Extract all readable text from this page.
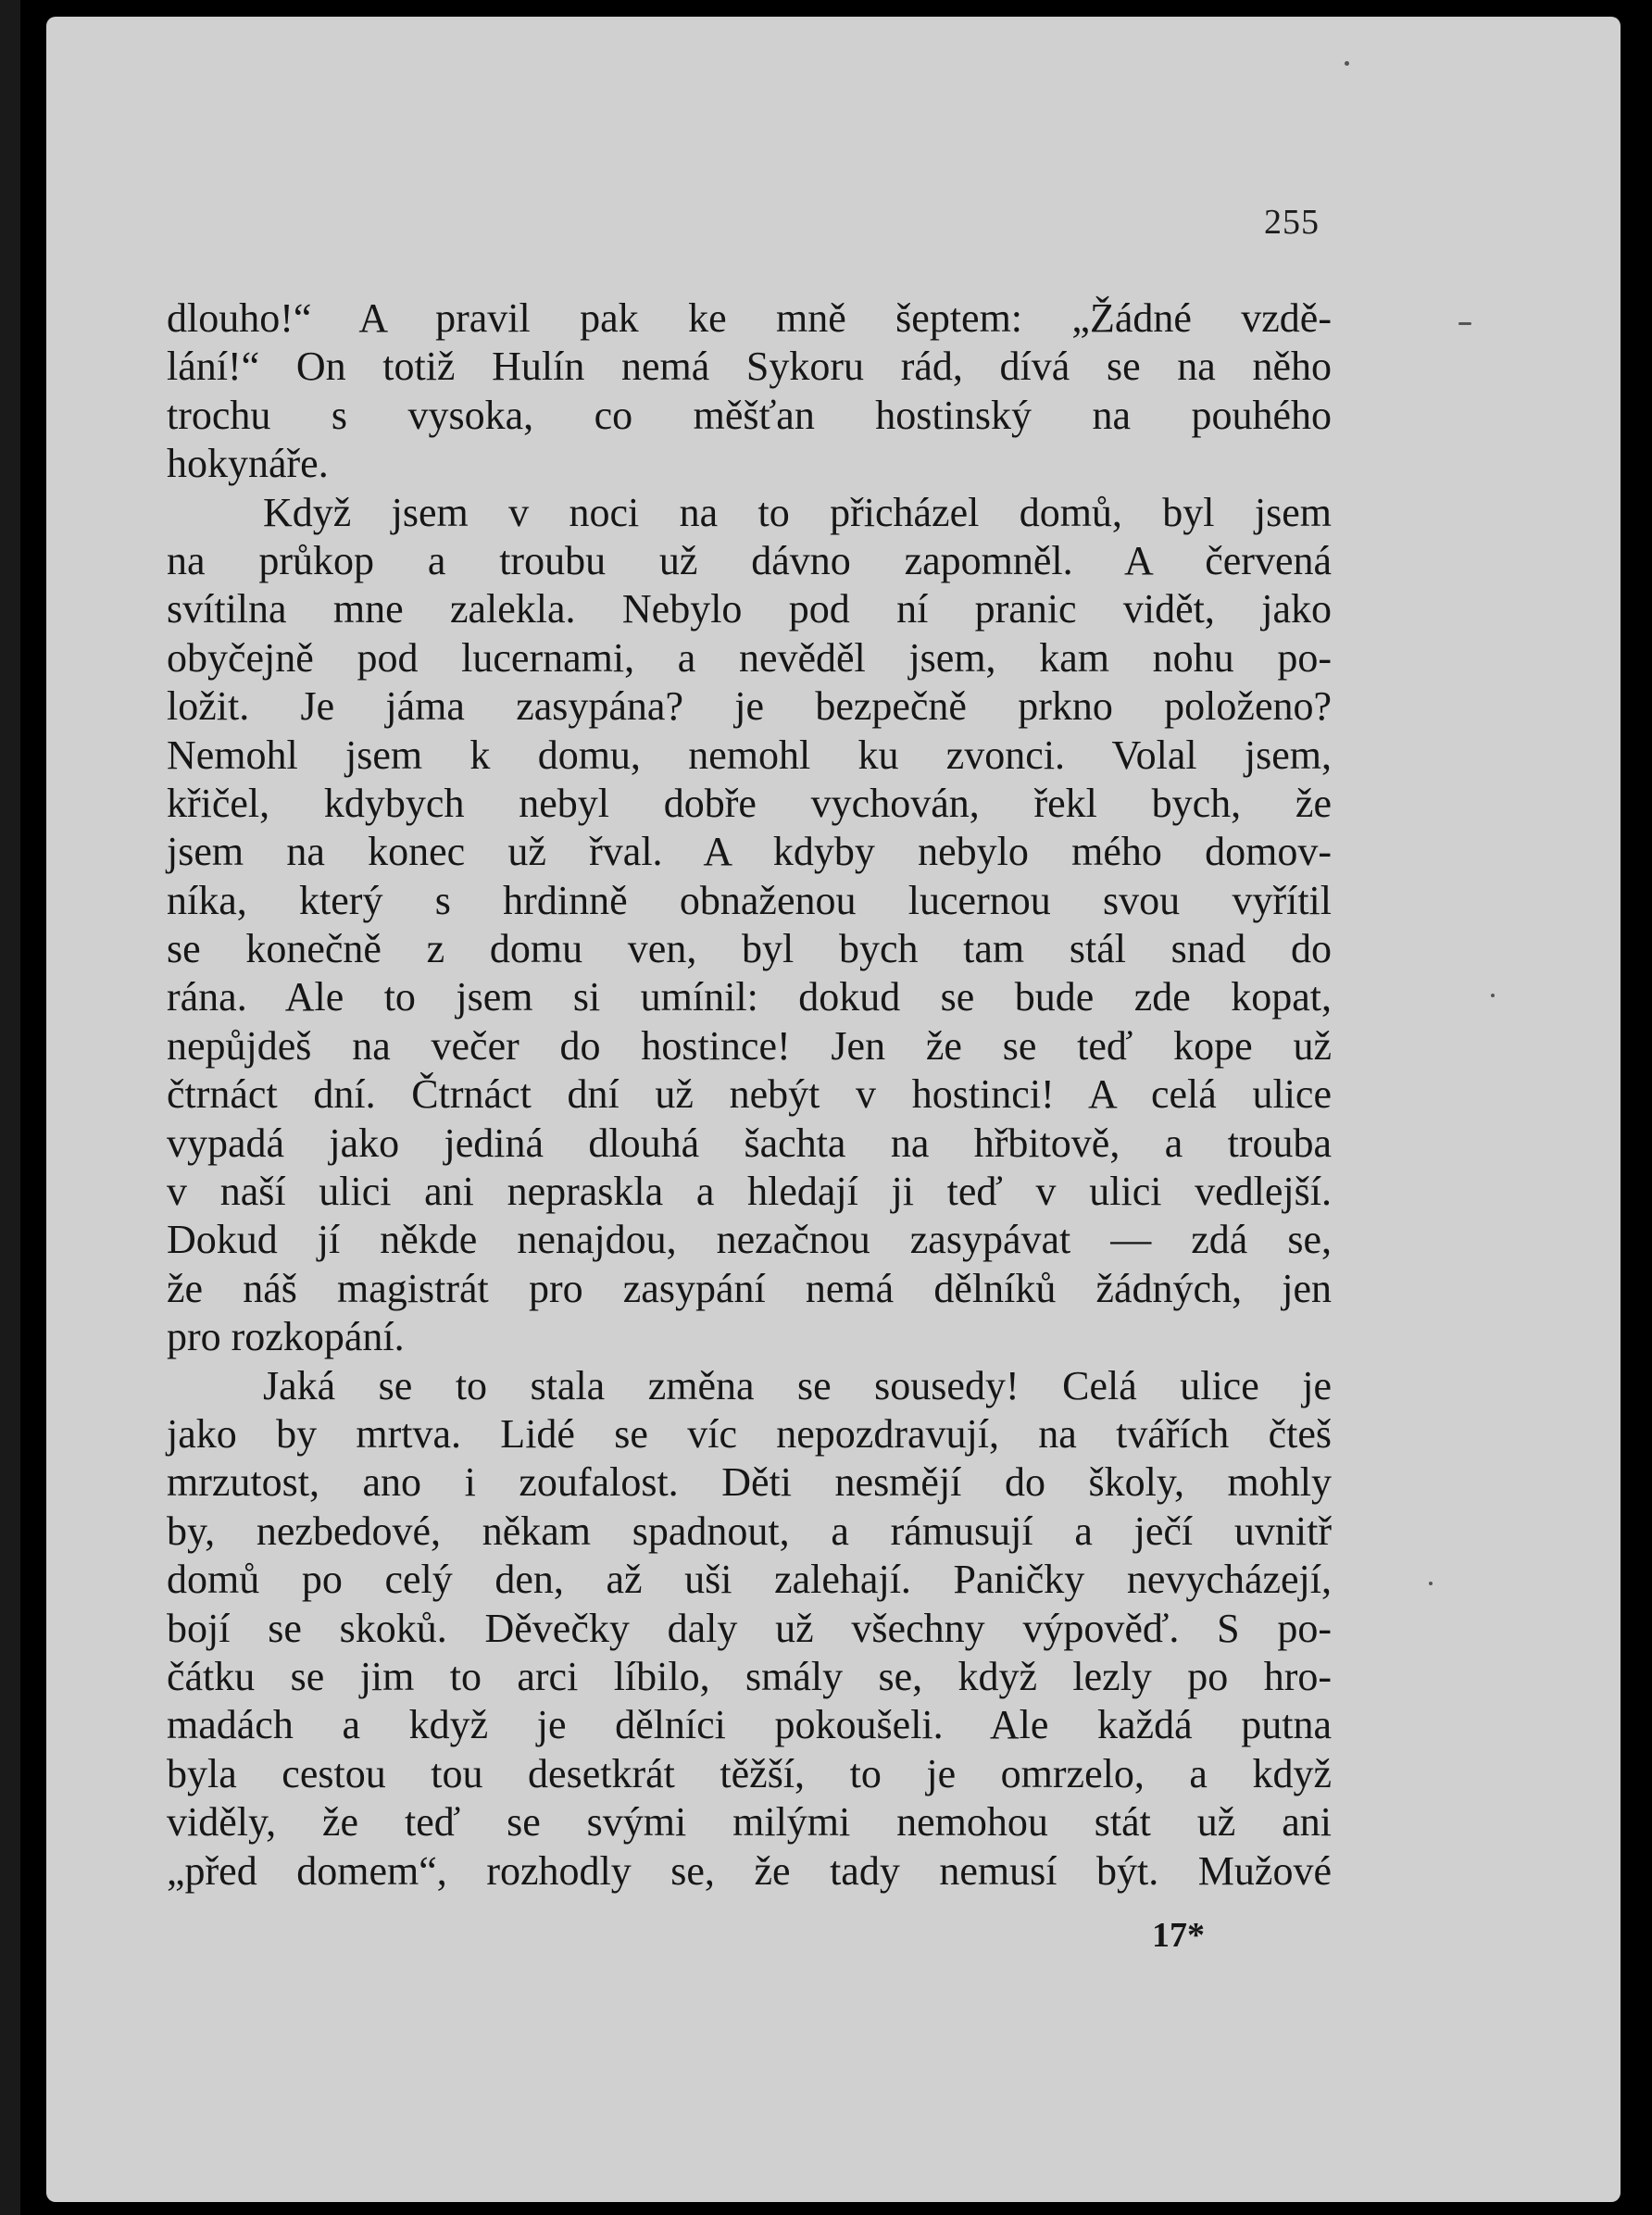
255
dlouho!“ A pravil pak ke mně šeptem: „Žádné vzdě-
lání!“ On totiž Hulín nemá Sykoru rád, dívá se na něho
trochu s vysoka, co měšťan hostinský na pouhého
hokynáře.
Když jsem v noci na to přicházel domů, byl jsem
na průkop a troubu už dávno zapomněl. A červená
svítilna mne zalekla. Nebylo pod ní pranic vidět, jako
obyčejně pod lucernami, a nevěděl jsem, kam nohu po-
ložit. Je jáma zasypána? je bezpečně prkno položeno?
Nemohl jsem k domu, nemohl ku zvonci. Volal jsem,
křičel, kdybych nebyl dobře vychován, řekl bych, že
jsem na konec už řval. A kdyby nebylo mého domov-
níka, který s hrdinně obnaženou lucernou svou vyřítil
se konečně z domu ven, byl bych tam stál snad do
rána. Ale to jsem si umínil: dokud se bude zde kopat,
nepůjdeš na večer do hostince! Jen že se teď kope už
čtrnáct dní. Čtrnáct dní už nebýt v hostinci! A celá ulice
vypadá jako jediná dlouhá šachta na hřbitově, a trouba
v naší ulici ani nepraskla a hledají ji teď v ulici vedlejší.
Dokud jí někde nenajdou, nezačnou zasypávat — zdá se,
že náš magistrát pro zasypání nemá dělníků žádných, jen
pro rozkopání.
Jaká se to stala změna se sousedy! Celá ulice je
jako by mrtva. Lidé se víc nepozdravují, na tvářích čteš
mrzutost, ano i zoufalost. Děti nesmějí do školy, mohly
by, nezbedové, někam spadnout, a rámusují a ječí uvnitř
domů po celý den, až uši zalehají. Paničky nevycházejí,
bojí se skoků. Děvečky daly už všechny výpověď. S po-
čátku se jim to arci líbilo, smály se, když lezly po hro-
madách a když je dělníci pokoušeli. Ale každá putna
byla cestou tou desetkrát těžší, to je omrzelo, a když
viděly, že teď se svými milými nemohou stát už ani
„před domem“, rozhodly se, že tady nemusí být. Mužové
17*
